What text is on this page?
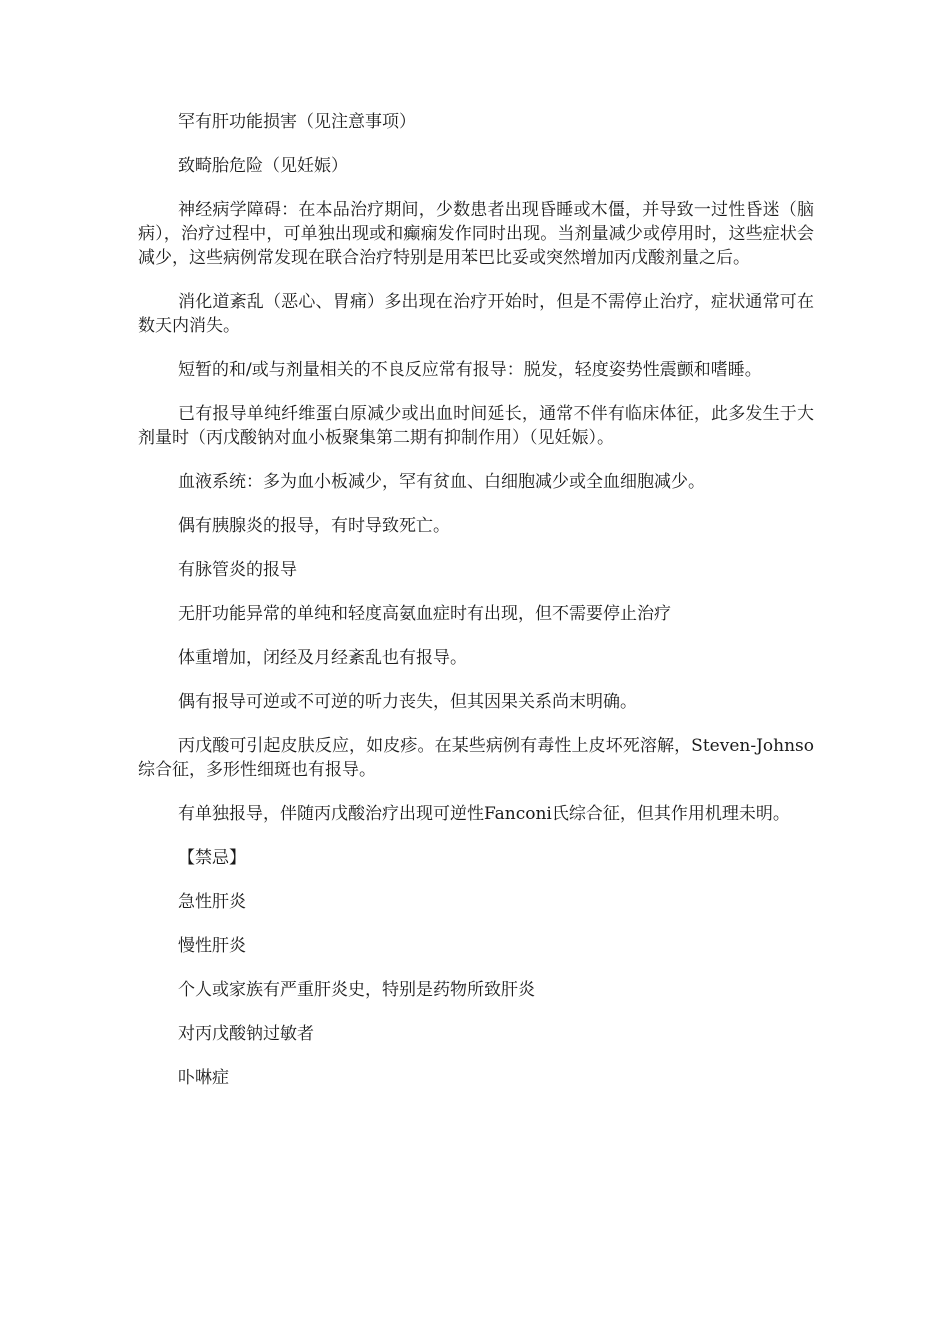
罕有肝功能损害（见注意事项）

致畸胎危险（见妊娠）

神经病学障碍：在本品治疗期间，少数患者出现昏睡或木僵，并导致一过性昏迷（脑病），治疗过程中，可单独出现或和癫痫发作同时出现。当剂量减少或停用时，这些症状会减少，这些病例常发现在联合治疗特别是用苯巴比妥或突然增加丙戊酸剂量之后。

消化道紊乱（恶心、胃痛）多出现在治疗开始时，但是不需停止治疗，症状通常可在数天内消失。

短暂的和/或与剂量相关的不良反应常有报导：脱发，轻度姿势性震颤和嗜睡。

已有报导单纯纤维蛋白原减少或出血时间延长，通常不伴有临床体征，此多发生于大剂量时（丙戊酸钠对血小板聚集第二期有抑制作用）（见妊娠）。

血液系统：多为血小板减少，罕有贫血、白细胞减少或全血细胞减少。

偶有胰腺炎的报导，有时导致死亡。

有脉管炎的报导

无肝功能异常的单纯和轻度高氨血症时有出现，但不需要停止治疗

体重增加，闭经及月经紊乱也有报导。

偶有报导可逆或不可逆的听力丧失，但其因果关系尚末明确。

丙戊酸可引起皮肤反应，如皮疹。在某些病例有毒性上皮坏死溶解，Steven-Johnso综合征，多形性细斑也有报导。

有单独报导，伴随丙戊酸治疗出现可逆性Fanconi氏综合征，但其作用机理未明。

【禁忌】

急性肝炎

慢性肝炎

个人或家族有严重肝炎史，特别是药物所致肝炎

对丙戊酸钠过敏者

卟啉症
